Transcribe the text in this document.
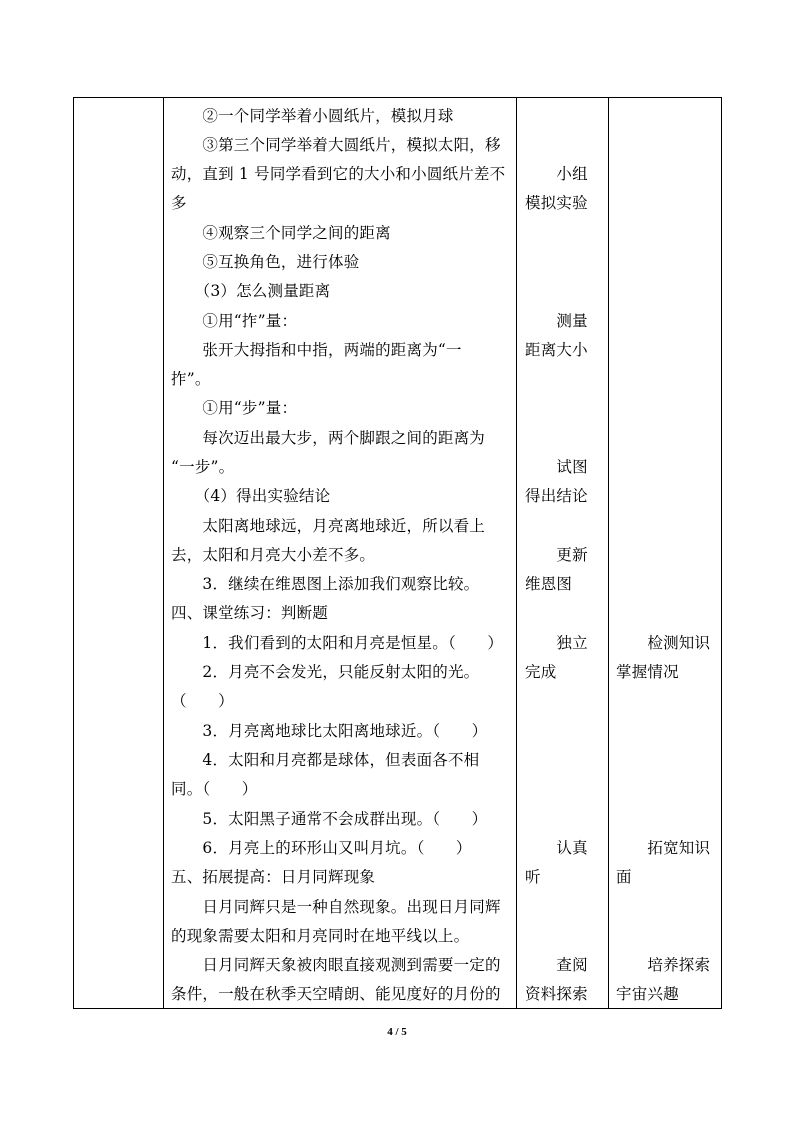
　　②一个同学举着小圆纸片，模拟月球
　　③第三个同学举着大圆纸片，模拟太阳，移
动，直到 1 号同学看到它的大小和小圆纸片差不
多
　　④观察三个同学之间的距离
　　⑤互换角色，进行体验
　　（3）怎么测量距离
　　①用“拃”量：
　　张开大拇指和中指，两端的距离为“一
拃”。
　　①用“步”量：
　　每次迈出最大步，两个脚跟之间的距离为
“一步”。
　　（4）得出实验结论
　　太阳离地球远，月亮离地球近，所以看上
去，太阳和月亮大小差不多。
　　3．继续在维恩图上添加我们观察比较。
四、课堂练习：判断题
　　1．我们看到的太阳和月亮是恒星。（　　）
　　2．月亮不会发光，只能反射太阳的光。
（　　）
　　3．月亮离地球比太阳离地球近。（　　）
　　4．太阳和月亮都是球体，但表面各不相
同。（　　）
　　5．太阳黑子通常不会成群出现。（　　）
　　6．月亮上的环形山又叫月坑。（　　）
五、拓展提高：日月同辉现象
　　日月同辉只是一种自然现象。出现日月同辉
的现象需要太阳和月亮同时在地平线以上。
　　日月同辉天象被肉眼直接观测到需要一定的
条件，一般在秋季天空晴朗、能见度好的月份的
　　小组
模拟实验
　　测量
距离大小
　　试图
得出结论
　　更新
维恩图
　　独立
完成
　　认真
听
　　查阅
资料探索
　　检测知识
掌握情况
　　拓宽知识
面
　　培养探索
宇宙兴趣
4 / 5
